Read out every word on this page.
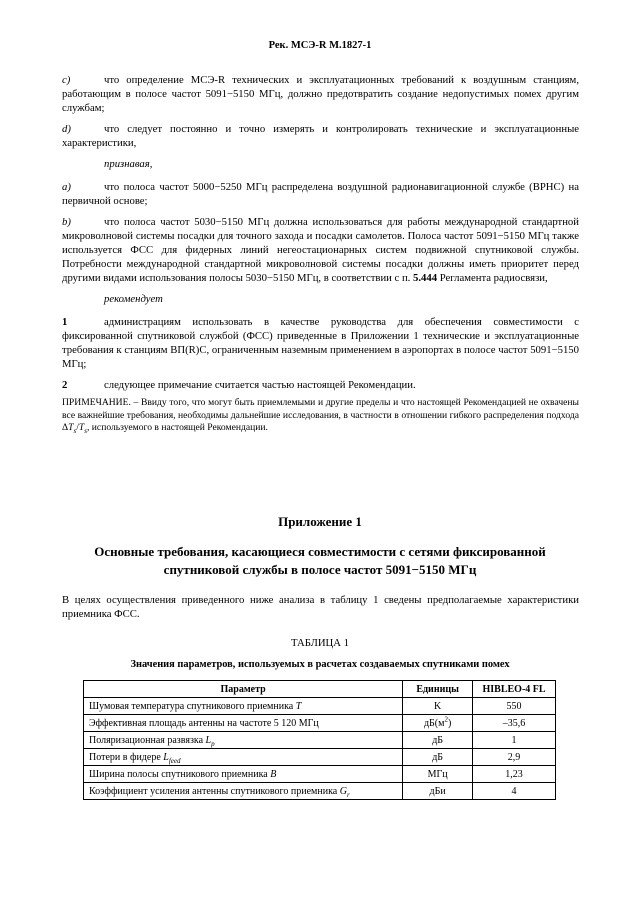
Рек. МСЭ-R M.1827-1

c)	что определение МСЭ-R технических и эксплуатационных требований к воздушным станциям, работающим в полосе частот 5091−5150 МГц, должно предотвратить создание недопустимых помех другим службам;

d)	что следует постоянно и точно измерять и контролировать технические и эксплуатационные характеристики,

признавая,

a)	что полоса частот 5000−5250 МГц распределена воздушной радионавигационной службе (ВРНС) на первичной основе;

b)	что полоса частот 5030−5150 МГц должна использоваться для работы международной стандартной микроволновой системы посадки для точного захода и посадки самолетов. Полоса частот 5091−5150 МГц также используется ФСС для фидерных линий негеостационарных систем подвижной спутниковой службы. Потребности международной стандартной микроволновой системы посадки должны иметь приоритет перед другими видами использования полосы 5030−5150 МГц, в соответствии с п. 5.444 Регламента радиосвязи,

рекомендует

1	администрациям использовать в качестве руководства для обеспечения совместимости с фиксированной спутниковой службой (ФСС) приведенные в Приложении 1 технические и эксплуатационные требования к станциям ВП(R)С, ограниченным наземным применением в аэропортах в полосе частот 5091−5150 МГц;

2	следующее примечание считается частью настоящей Рекомендации.

ПРИМЕЧАНИЕ. – Ввиду того, что могут быть приемлемыми и другие пределы и что настоящей Рекомендацией не охвачены все важнейшие требования, необходимы дальнейшие исследования, в частности в отношении гибкого распределения подхода $\Delta T_s/T_s$, используемого в настоящей Рекомендации.

Приложение 1
Основные требования, касающиеся совместимости с сетями фиксированной спутниковой службы в полосе частот 5091−5150 МГц

В целях осуществления приведенного ниже анализа в таблицу 1 сведены предполагаемые характеристики приемника ФСС.

ТАБЛИЦА 1
Значения параметров, используемых в расчетах создаваемых спутниками помех
Параметр	Единицы	HIBLEO-4 FL
Шумовая температура спутникового приемника T	K	550
Эффективная площадь антенны на частоте 5 120 МГц	$дБ(м^2)$	–35,6
Поляризационная развязка $L_p$	дБ	1
Потери в фидере $L_{feed}$	дБ	2,9
Ширина полосы спутникового приемника B	МГц	1,23
Коэффициент усиления антенны спутникового приемника $G_r$	дБи	4
